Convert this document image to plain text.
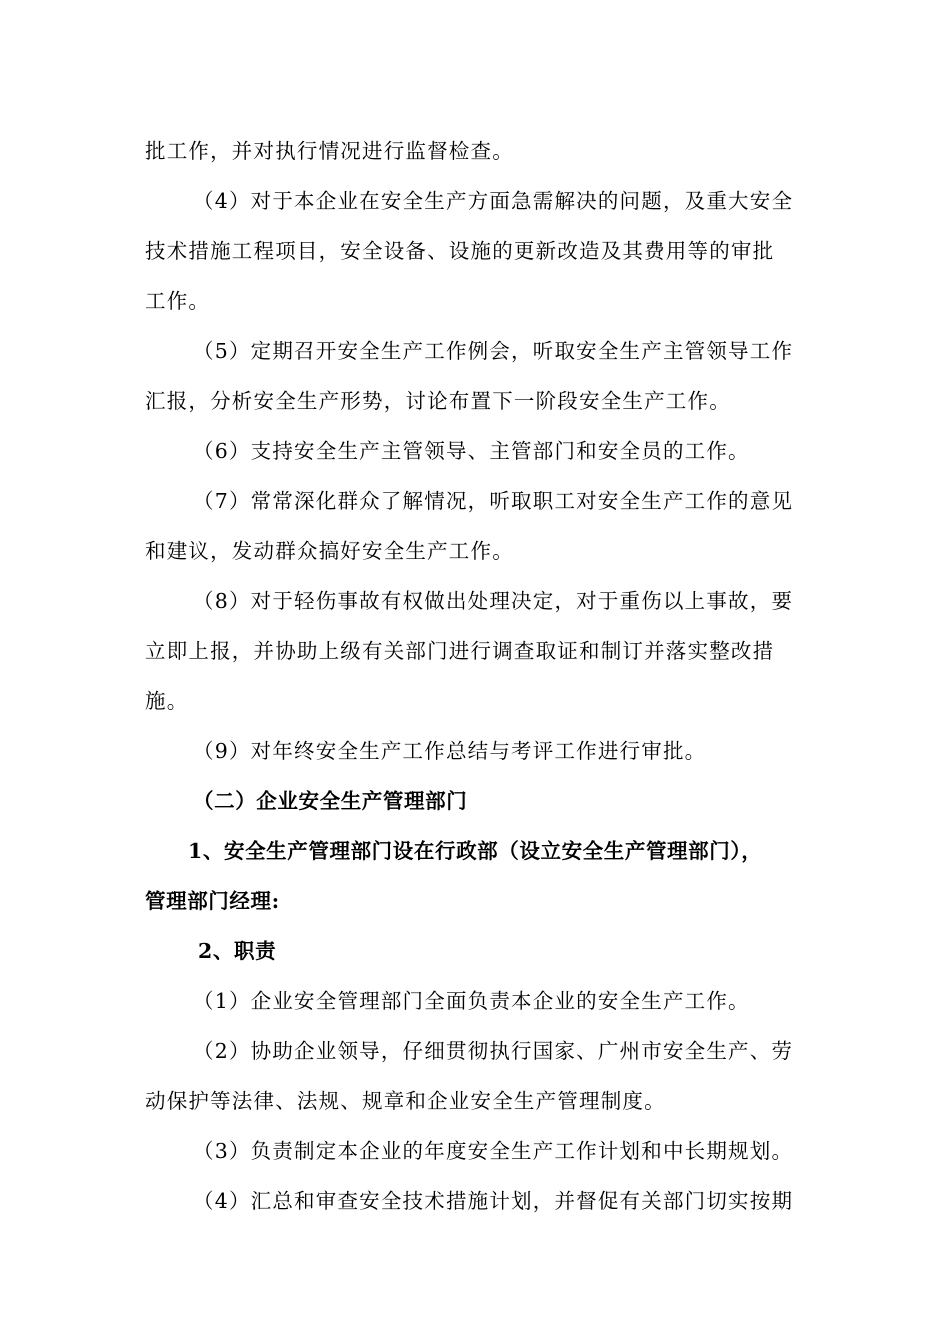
批工作，并对执行情况进行监督检查。
（4）对于本企业在安全生产方面急需解决的问题，及重大安全
技术措施工程项目，安全设备、设施的更新改造及其费用等的审批
工作。
（5）定期召开安全生产工作例会，听取安全生产主管领导工作
汇报，分析安全生产形势，讨论布置下一阶段安全生产工作。
（6）支持安全生产主管领导、主管部门和安全员的工作。
（7）常常深化群众了解情况，听取职工对安全生产工作的意见
和建议，发动群众搞好安全生产工作。
（8）对于轻伤事故有权做出处理决定，对于重伤以上事故，要
立即上报，并协助上级有关部门进行调查取证和制订并落实整改措
施。
（9）对年终安全生产工作总结与考评工作进行审批。
（二）企业安全生产管理部门
1、安全生产管理部门设在行政部（设立安全生产管理部门），
管理部门经理:
2、职责
（1）企业安全管理部门全面负责本企业的安全生产工作。
（2）协助企业领导，仔细贯彻执行国家、广州市安全生产、劳
动保护等法律、法规、规章和企业安全生产管理制度。
（3）负责制定本企业的年度安全生产工作计划和中长期规划。
（4）汇总和审查安全技术措施计划，并督促有关部门切实按期
